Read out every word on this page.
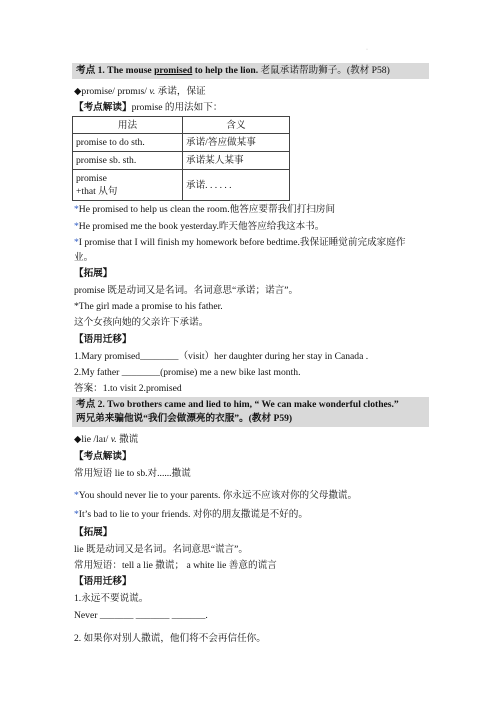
·
考点 1. The mouse promised to help the lion. 老鼠承诺帮助狮子。(教材 P58)
◆promise/ prɒmɪs/ v. 承诺，保证
【考点解读】promise 的用法如下：
用法	含义
promise to do sth.	承诺/答应做某事
promise sb. sth.	承诺某人某事

promise
+that 从句	承诺. . . . . .
*He promised to help us clean the room.他答应要帮我们打扫房间
*He promised me the book yesterday.昨天他答应给我这本书。
*I promise that I will finish my homework before bedtime.我保证睡觉前完成家庭作
业。
【拓展】
promise 既是动词又是名词。名词意思“承诺；诺言”。
*The girl made a promise to his father.
这个女孩向她的父亲许下承诺。
【语用迁移】
1.Mary promised________（visit）her daughter during her stay in Canada .
2.My father ________(promise) me a new bike last month.
答案：1.to visit 2.promised
考点 2. Two brothers came and lied to him, “ We can make wonderful clothes.”
两兄弟来骗他说“我们会做漂亮的衣服”。(教材 P59)
◆lie /laɪ/ v. 撒谎
【考点解读】
常用短语 lie to sb.对......撒谎
*You should never lie to your parents. 你永远不应该对你的父母撒谎。
*It’s bad to lie to your friends. 对你的朋友撒谎是不好的。
【拓展】
lie 既是动词又是名词。名词意思“谎言”。
常用短语：tell a lie 撒谎； a white lie 善意的谎言
【语用迁移】
1.永远不要说谎。
Never _______ _______ _______.
2. 如果你对别人撒谎，他们将不会再信任你。
